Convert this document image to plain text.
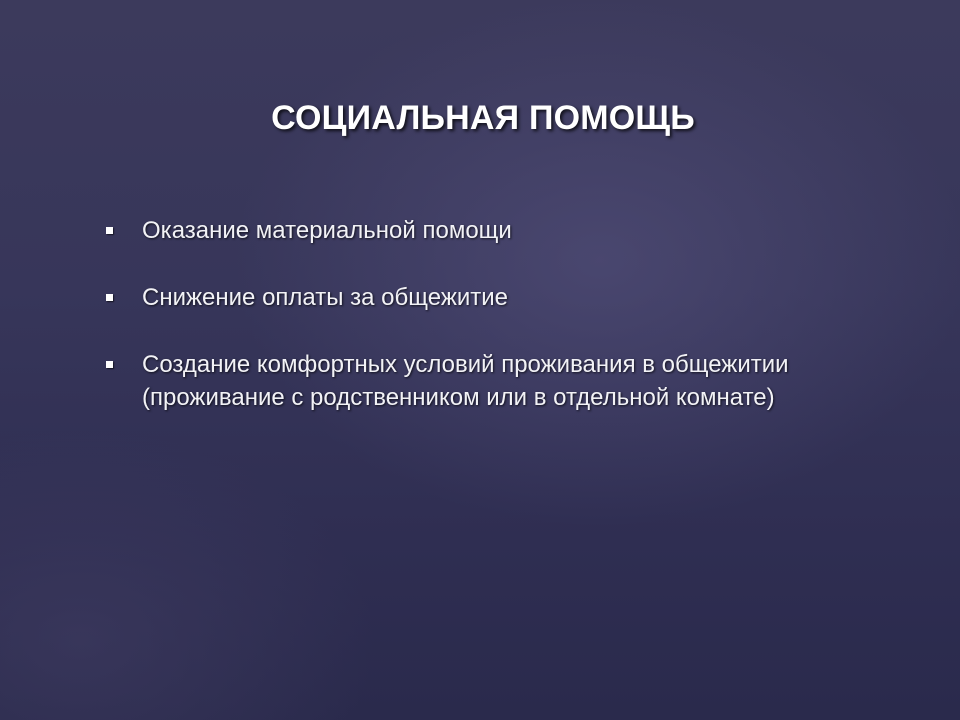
СОЦИАЛЬНАЯ ПОМОЩЬ
Оказание материальной помощи
Снижение оплаты за общежитие
Создание комфортных условий проживания в общежитии (проживание с родственником или в отдельной комнате)
